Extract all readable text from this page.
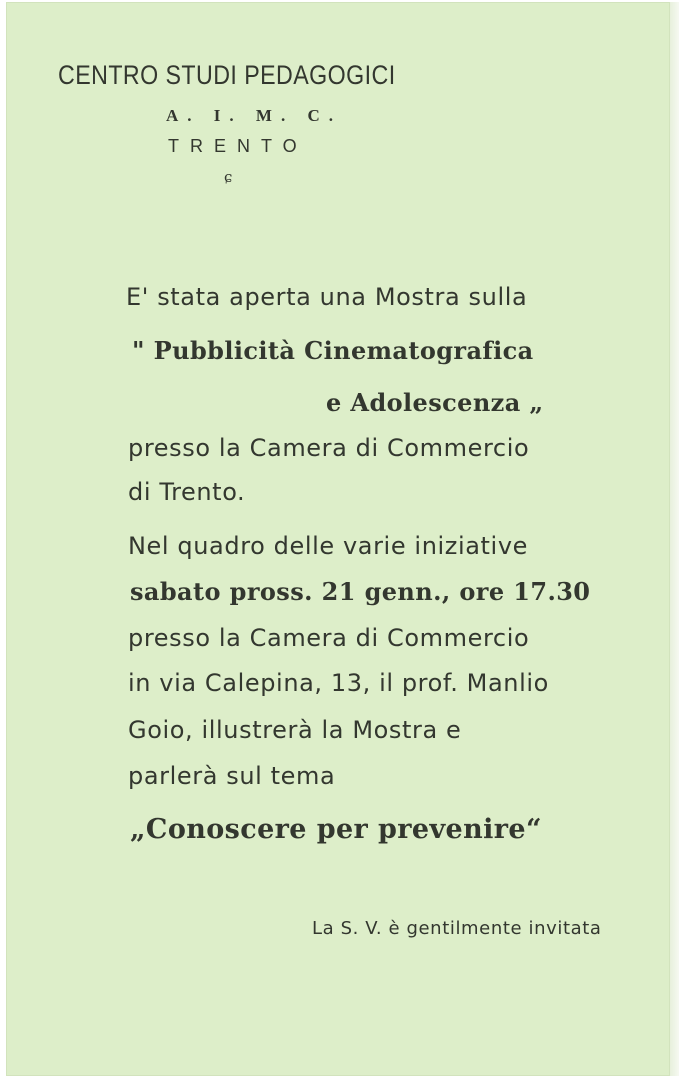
CENTRO STUDI PEDAGOGICI
A. I. M. C.
TRENTO
ɕ
E' stata aperta una Mostra sulla
" Pubblicità Cinematografica
e Adolescenza „
presso la Camera di Commercio
di Trento.
Nel quadro delle varie iniziative
sabato pross. 21 genn., ore 17.30
presso la Camera di Commercio
in via Calepina, 13, il prof. Manlio
Goio, illustrerà la Mostra e
parlerà sul tema
„Conoscere per prevenire“
La S. V. è gentilmente invitata
